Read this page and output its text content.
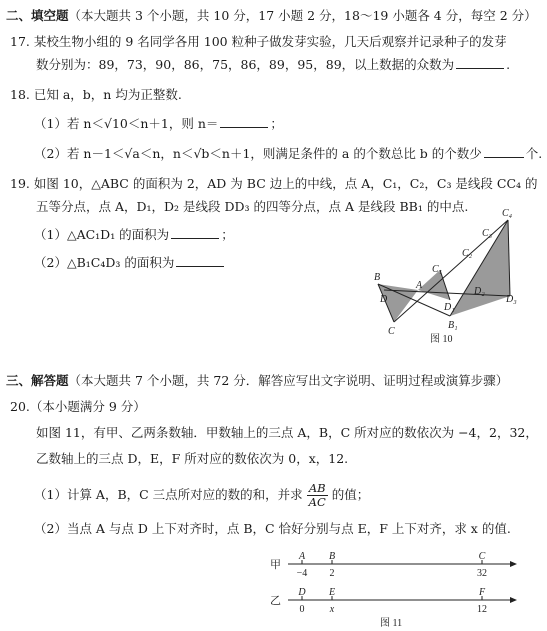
二、填空题（本大题共 3 个小题，共 10 分，17 小题 2 分，18～19 小题各 4 分，每空 2 分）
17. 某校生物小组的 9 名同学各用 100 粒种子做发芽实验，几天后观察并记录种子的发芽
数分别为：89，73，90，86，75，86，89，95，89，以上数据的众数为	.
18. 已知 a，b，n 均为正整数.
（1）若 n＜√10＜n＋1，则 n＝	；
（2）若 n－1＜√a＜n，n＜√b＜n＋1，则满足条件的 a 的个数总比 b 的个数少	个.
19. 如图 10，△ABC 的面积为 2，AD 为 BC 边上的中线，点 A，C₁，C₂，C₃ 是线段 CC₄ 的
五等分点，点 A，D₁，D₂ 是线段 DD₃ 的四等分点，点 A 是线段 BB₁ 的中点.
（1）△AC₁D₁ 的面积为	；
（2）△B₁C₄D₃ 的面积为
C₄
C₃
C₂
C₁
B
D
A
D₁
D₂
D₃
B₁
C
图 10
三、解答题（本大题共 7 个小题，共 72 分．解答应写出文字说明、证明过程或演算步骤）
20.（本小题满分 9 分）
如图 11，有甲、乙两条数轴．甲数轴上的三点 A，B，C 所对应的数依次为 −4，2，32，
乙数轴上的三点 D，E，F 所对应的数依次为 0，x，12.
（1）计算 A，B，C 三点所对应的数的和，并求 $\frac{AB}{AC}$ 的值；
（2）当点 A 与点 D 上下对齐时，点 B，C 恰好分别与点 E，F 上下对齐，求 x 的值.
甲
A B	C
−4 2	32
乙
D E	F
0	x	12
图 11
